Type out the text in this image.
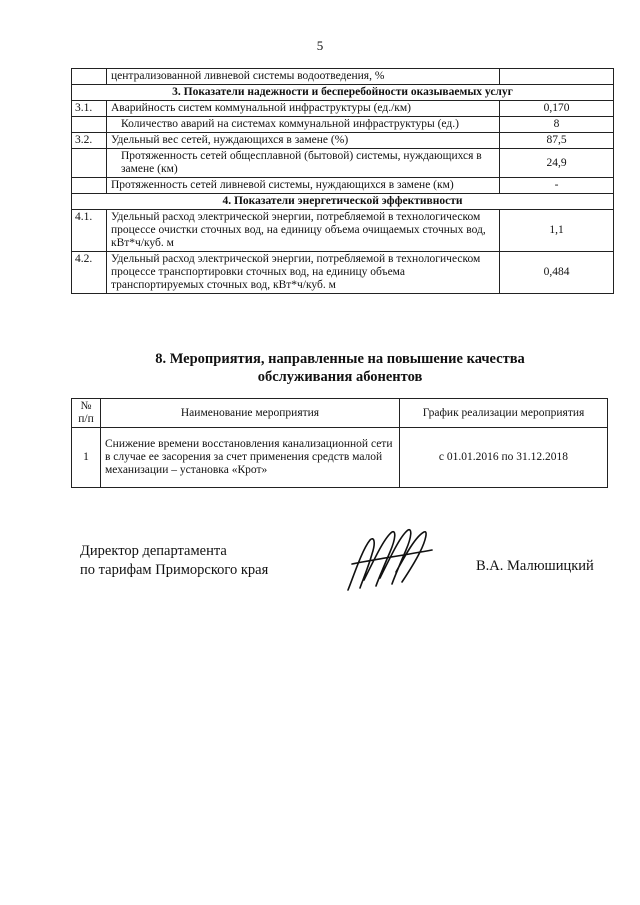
5
	централизованной ливневой системы водоотведения, %	
3. Показатели надежности и бесперебойности оказываемых услуг		
3.1.	Аварийность систем коммунальной инфраструктуры (ед./км)	0,170
	Количество аварий на системах коммунальной инфраструктуры (ед.)	8
3.2.	Удельный вес сетей, нуждающихся в замене (%)	87,5
	Протяженность сетей общесплавной (бытовой) системы, нуждающихся в замене (км)	24,9
	Протяженность сетей ливневой системы, нуждающихся в замене (км)	-
4. Показатели энергетической эффективности		
4.1.	Удельный расход электрической энергии, потребляемой в технологическом процессе очистки сточных вод, на единицу объема очищаемых сточных вод, кВт*ч/куб. м	1,1
4.2.	Удельный расход электрической энергии, потребляемой в технологическом процессе транспортировки сточных вод, на единицу объема транспортируемых сточных вод, кВт*ч/куб. м	0,484
8. Мероприятия, направленные на повышение качества
обслуживания абонентов
№ п/п	Наименование мероприятия	График реализации мероприятия
1	Снижение времени восстановления канализационной сети в случае ее засорения за счет применения средств малой механизации – установка «Крот»	с 01.01.2016 по 31.12.2018
Директор департамента
по тарифам Приморского края	В.А. Малюшицкий
